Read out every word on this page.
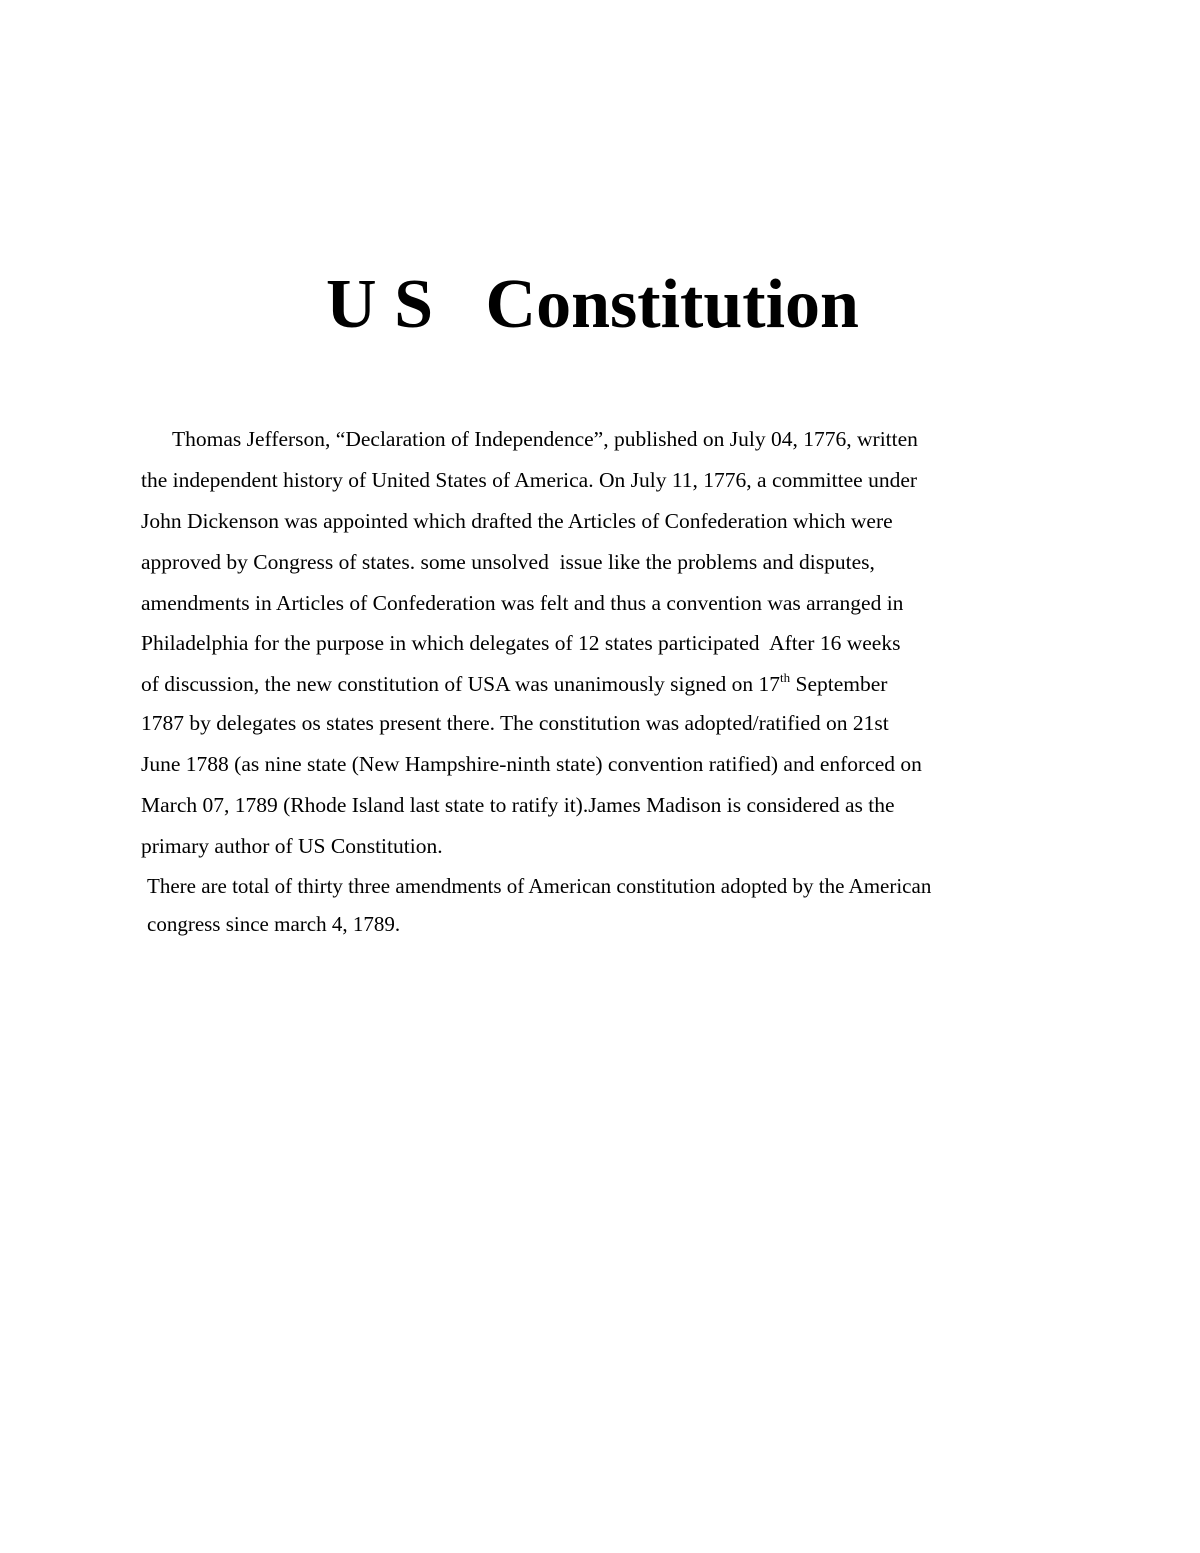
U S   Constitution

Thomas Jefferson, “Declaration of Independence”, published on July 04, 1776, written

the independent history of United States of America. On July 11, 1776, a committee under

John Dickenson was appointed which drafted the Articles of Confederation which were

approved by Congress of states. some unsolved  issue like the problems and disputes,

amendments in Articles of Confederation was felt and thus a convention was arranged in

Philadelphia for the purpose in which delegates of 12 states participated  After 16 weeks

of discussion, the new constitution of USA was unanimously signed on 17th September

1787 by delegates os states present there. The constitution was adopted/ratified on 21st

June 1788 (as nine state (New Hampshire-ninth state) convention ratified) and enforced on

March 07, 1789 (Rhode Island last state to ratify it).James Madison is considered as the

primary author of US Constitution.

There are total of thirty three amendments of American constitution adopted by the American

congress since march 4, 1789.
